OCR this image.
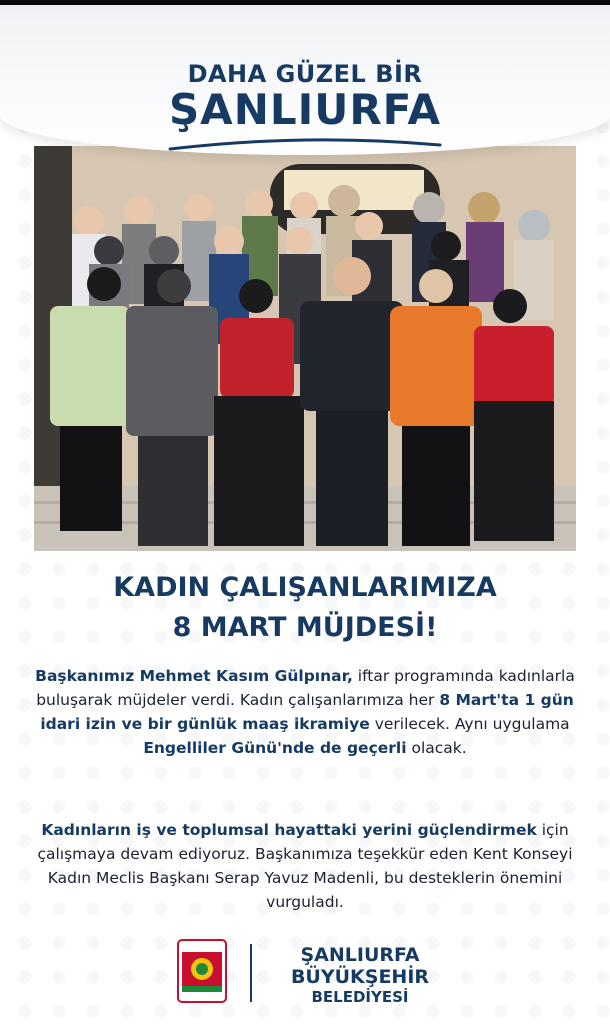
DAHA GÜZEL BİR
ŞANLIURFA
KADIN ÇALIŞANLARIMIZA
8 MART MÜJDESİ!
Başkanımız Mehmet Kasım Gülpınar, iftar programında kadınlarla buluşarak müjdeler verdi. Kadın çalışanlarımıza her 8 Mart'ta 1 gün idari izin ve bir günlük maaş ikramiye verilecek. Aynı uygulama Engelliler Günü'nde de geçerli olacak.
Kadınların iş ve toplumsal hayattaki yerini güçlendirmek için çalışmaya devam ediyoruz. Başkanımıza teşekkür eden Kent Konseyi Kadın Meclis Başkanı Serap Yavuz Madenli, bu desteklerin önemini vurguladı.
ŞANLIURFA
BÜYÜKŞEHİR
BELEDİYESİ
